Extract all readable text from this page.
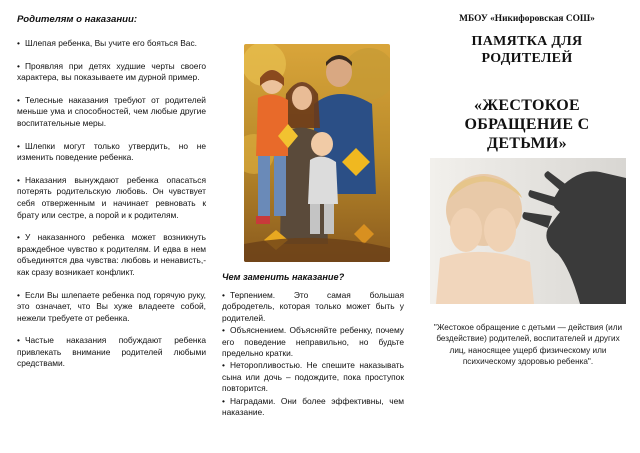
Родителям о наказании:
• Шлепая ребенка, Вы учите его бояться Вас.
• Проявляя при детях худшие черты своего характера, вы показываете им дурной пример.
• Телесные наказания требуют от родителей меньше ума и способностей, чем любые другие воспитательные меры.
• Шлепки могут только утвердить, но не изменить поведение ребенка.
• Наказания вынуждают ребенка опасаться потерять родительскую любовь. Он чувствует себя отверженным и начинает ревновать к брату или сестре, а порой и к родителям.
• У наказанного ребенка может возникнуть враждебное чувство к родителям. И едва в нем объединятся два чувства: любовь и ненависть,- как сразу возникает конфликт.
• Если Вы шлепаете ребенка под горячую руку, это означает, что Вы хуже владеете собой, нежели требуете от ребенка.
• Частые наказания побуждают ребенка привлекать внимание родителей любыми средствами.
Чем заменить наказание?
• Терпением. Это самая большая добродетель, которая только может быть у родителей.
• Объяснением. Объясняйте ребенку, почему его поведение неправильно, но будьте предельно кратки.
• Неторопливостью. Не спешите наказывать сына или дочь – подождите, пока проступок повторится.
• Наградами. Они более эффективны, чем наказание.
МБОУ «Никифоровская СОШ»
ПАМЯТКА ДЛЯ
РОДИТЕЛЕЙ
«ЖЕСТОКОЕ
ОБРАЩЕНИЕ С
ДЕТЬМИ»
"Жестокое обращение с детьми — действия (или бездействие) родителей, воспитателей и других лиц, наносящее ущерб физическому или психическому здоровью ребенка".
